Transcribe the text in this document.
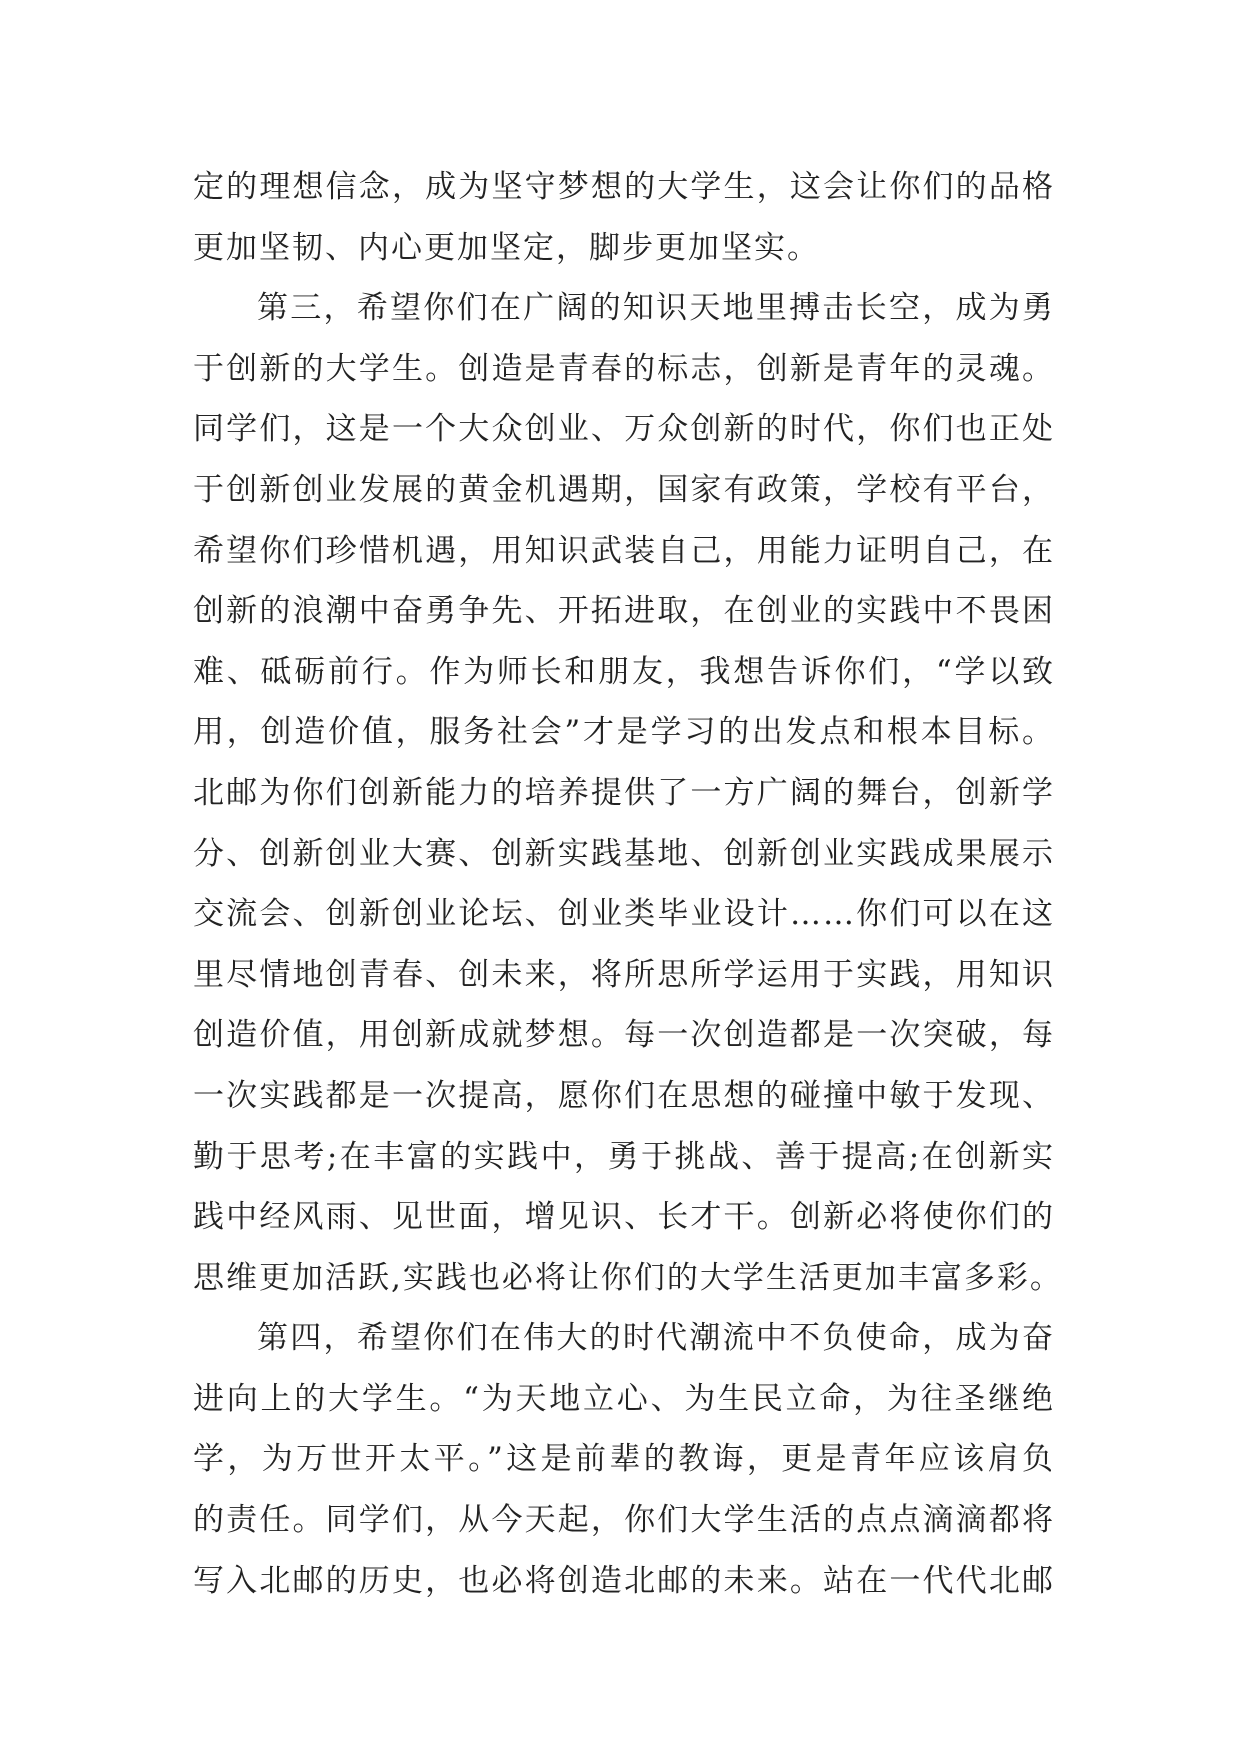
定的理想信念，成为坚守梦想的大学生，这会让你们的品格
更加坚韧、内心更加坚定，脚步更加坚实。
第三，希望你们在广阔的知识天地里搏击长空，成为勇
于创新的大学生。创造是青春的标志，创新是青年的灵魂。
同学们，这是一个大众创业、万众创新的时代，你们也正处
于创新创业发展的黄金机遇期，国家有政策，学校有平台，
希望你们珍惜机遇，用知识武装自己，用能力证明自己，在
创新的浪潮中奋勇争先、开拓进取，在创业的实践中不畏困
难、砥砺前行。作为师长和朋友，我想告诉你们，“学以致
用，创造价值，服务社会”才是学习的出发点和根本目标。
北邮为你们创新能力的培养提供了一方广阔的舞台，创新学
分、创新创业大赛、创新实践基地、创新创业实践成果展示
交流会、创新创业论坛、创业类毕业设计……你们可以在这
里尽情地创青春、创未来，将所思所学运用于实践，用知识
创造价值，用创新成就梦想。每一次创造都是一次突破，每
一次实践都是一次提高，愿你们在思想的碰撞中敏于发现、
勤于思考;在丰富的实践中，勇于挑战、善于提高;在创新实
践中经风雨、见世面，增见识、长才干。创新必将使你们的
思维更加活跃,实践也必将让你们的大学生活更加丰富多彩。
第四，希望你们在伟大的时代潮流中不负使命，成为奋
进向上的大学生。“为天地立心、为生民立命，为往圣继绝
学，为万世开太平。”这是前辈的教诲，更是青年应该肩负
的责任。同学们，从今天起，你们大学生活的点点滴滴都将
写入北邮的历史，也必将创造北邮的未来。站在一代代北邮
